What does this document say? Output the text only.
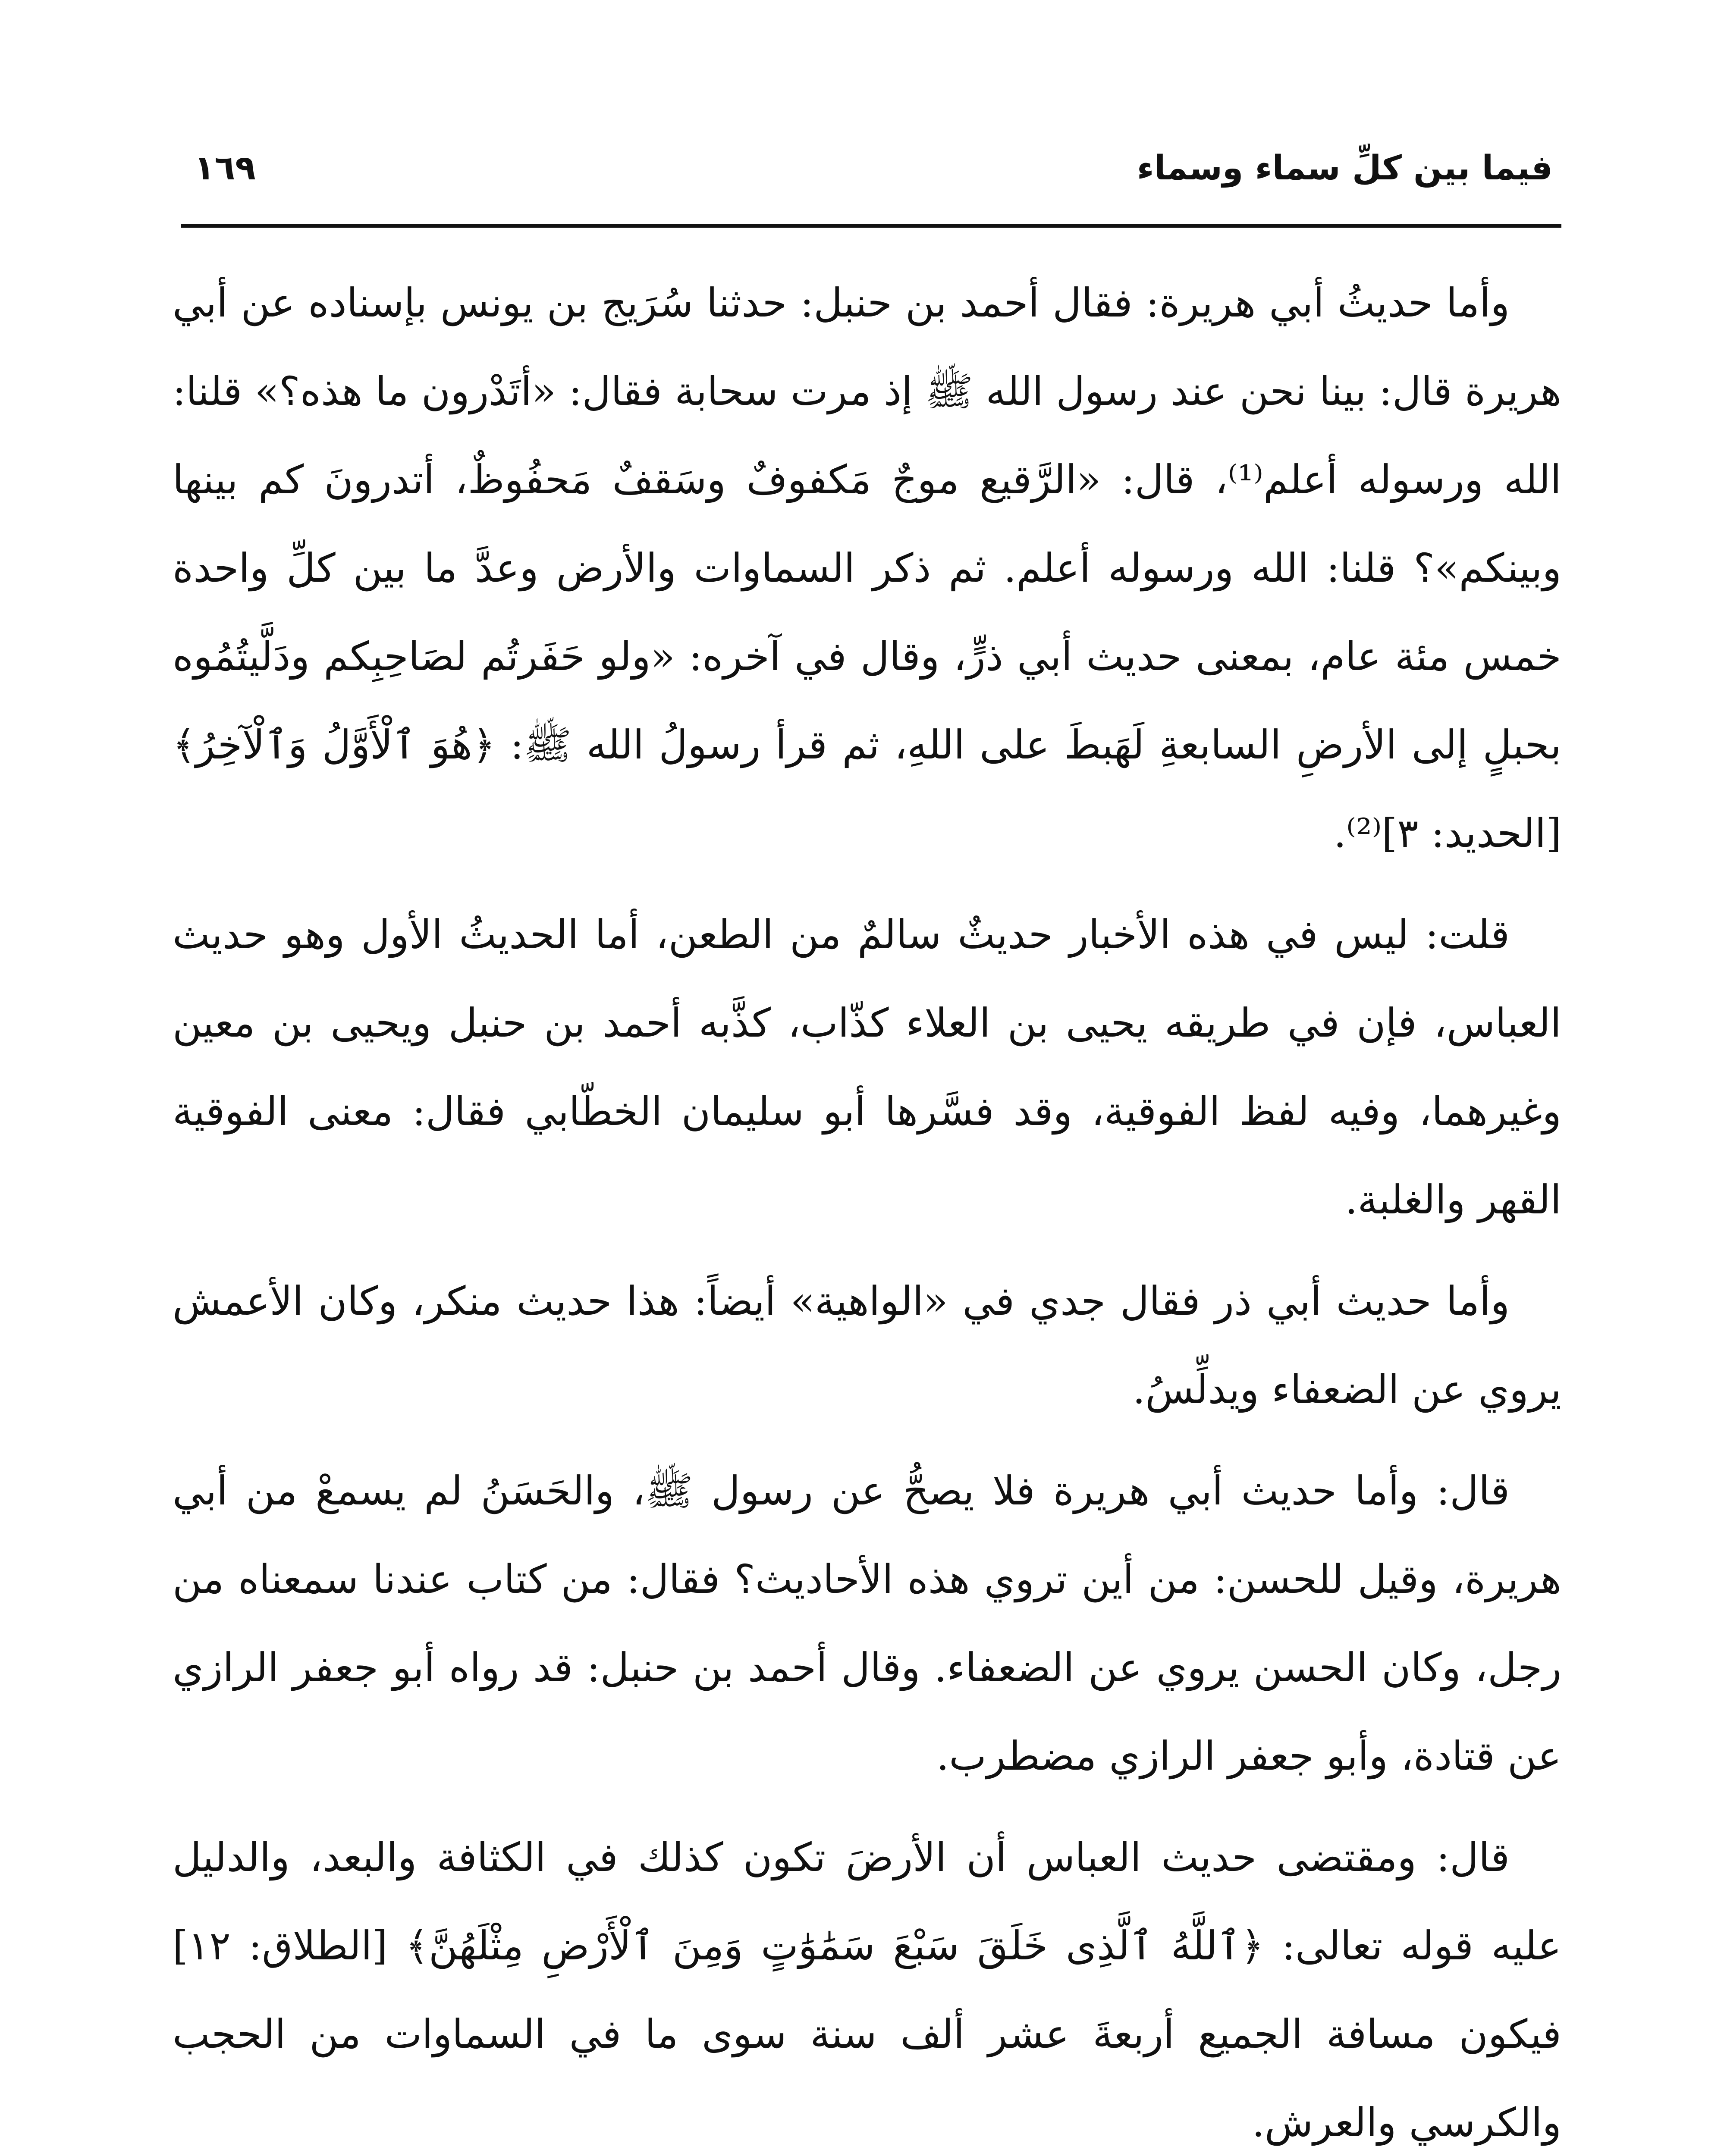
فيما بين كلِّ سماء وسماء
١٦٩

وأما حديثُ أبي هريرة: فقال أحمد بن حنبل: حدثنا سُرَيج بن يونس بإسناده عن أبي هريرة قال: بينا نحن عند رسول الله ﷺ إذ مرت سحابة فقال: «أتَدْرون ما هذه؟» قلنا: الله ورسوله أعلم⁽¹⁾، قال: «الرَّقيع موجٌ مَكفوفٌ وسَقفٌ مَحفُوظٌ، أتدرونَ كم بينها وبينكم»؟ قلنا: الله ورسوله أعلم. ثم ذكر السماوات والأرض وعدَّ ما بين كلِّ واحدة خمس مئة عام، بمعنى حديث أبي ذرٍّ، وقال في آخره: «ولو حَفَرتُم لصَاحِبِكم ودَلَّيتُمُوه بحبلٍ إلى الأرضِ السابعةِ لَهَبطَ على اللهِ، ثم قرأ رسولُ الله ﷺ: ﴿هُوَ ٱلْأَوَّلُ وَٱلْآخِرُ﴾[الحديد: ٣]⁽²⁾.

قلت: ليس في هذه الأخبار حديثٌ سالمٌ من الطعن، أما الحديثُ الأول وهو حديث العباس، فإن في طريقه يحيى بن العلاء كذّاب، كذَّبه أحمد بن حنبل ويحيى بن معين وغيرهما، وفيه لفظ الفوقية، وقد فسَّرها أبو سليمان الخطّابي فقال: معنى الفوقية القهر والغلبة.

وأما حديث أبي ذر فقال جدي في «الواهية» أيضاً: هذا حديث منكر، وكان الأعمش يروي عن الضعفاء ويدلِّسُ.

قال: وأما حديث أبي هريرة فلا يصحُّ عن رسول ﷺ، والحَسَنُ لم يسمعْ من أبي هريرة، وقيل للحسن: من أين تروي هذه الأحاديث؟ فقال: من كتاب عندنا سمعناه من رجل، وكان الحسن يروي عن الضعفاء. وقال أحمد بن حنبل: قد رواه أبو جعفر الرازي عن قتادة، وأبو جعفر الرازي مضطرب.

قال: ومقتضى حديث العباس أن الأرضَ تكون كذلك في الكثافة والبعد، والدليل عليه قوله تعالى: ﴿ٱللَّهُ ٱلَّذِى خَلَقَ سَبْعَ سَمَٰوَٰتٍ وَمِنَ ٱلْأَرْضِ مِثْلَهُنَّ﴾ [الطلاق: ١٢] فيكون مسافة الجميع أربعةَ عشر ألف سنة سوى ما في السماوات من الحجب والكرسي والعرش.
